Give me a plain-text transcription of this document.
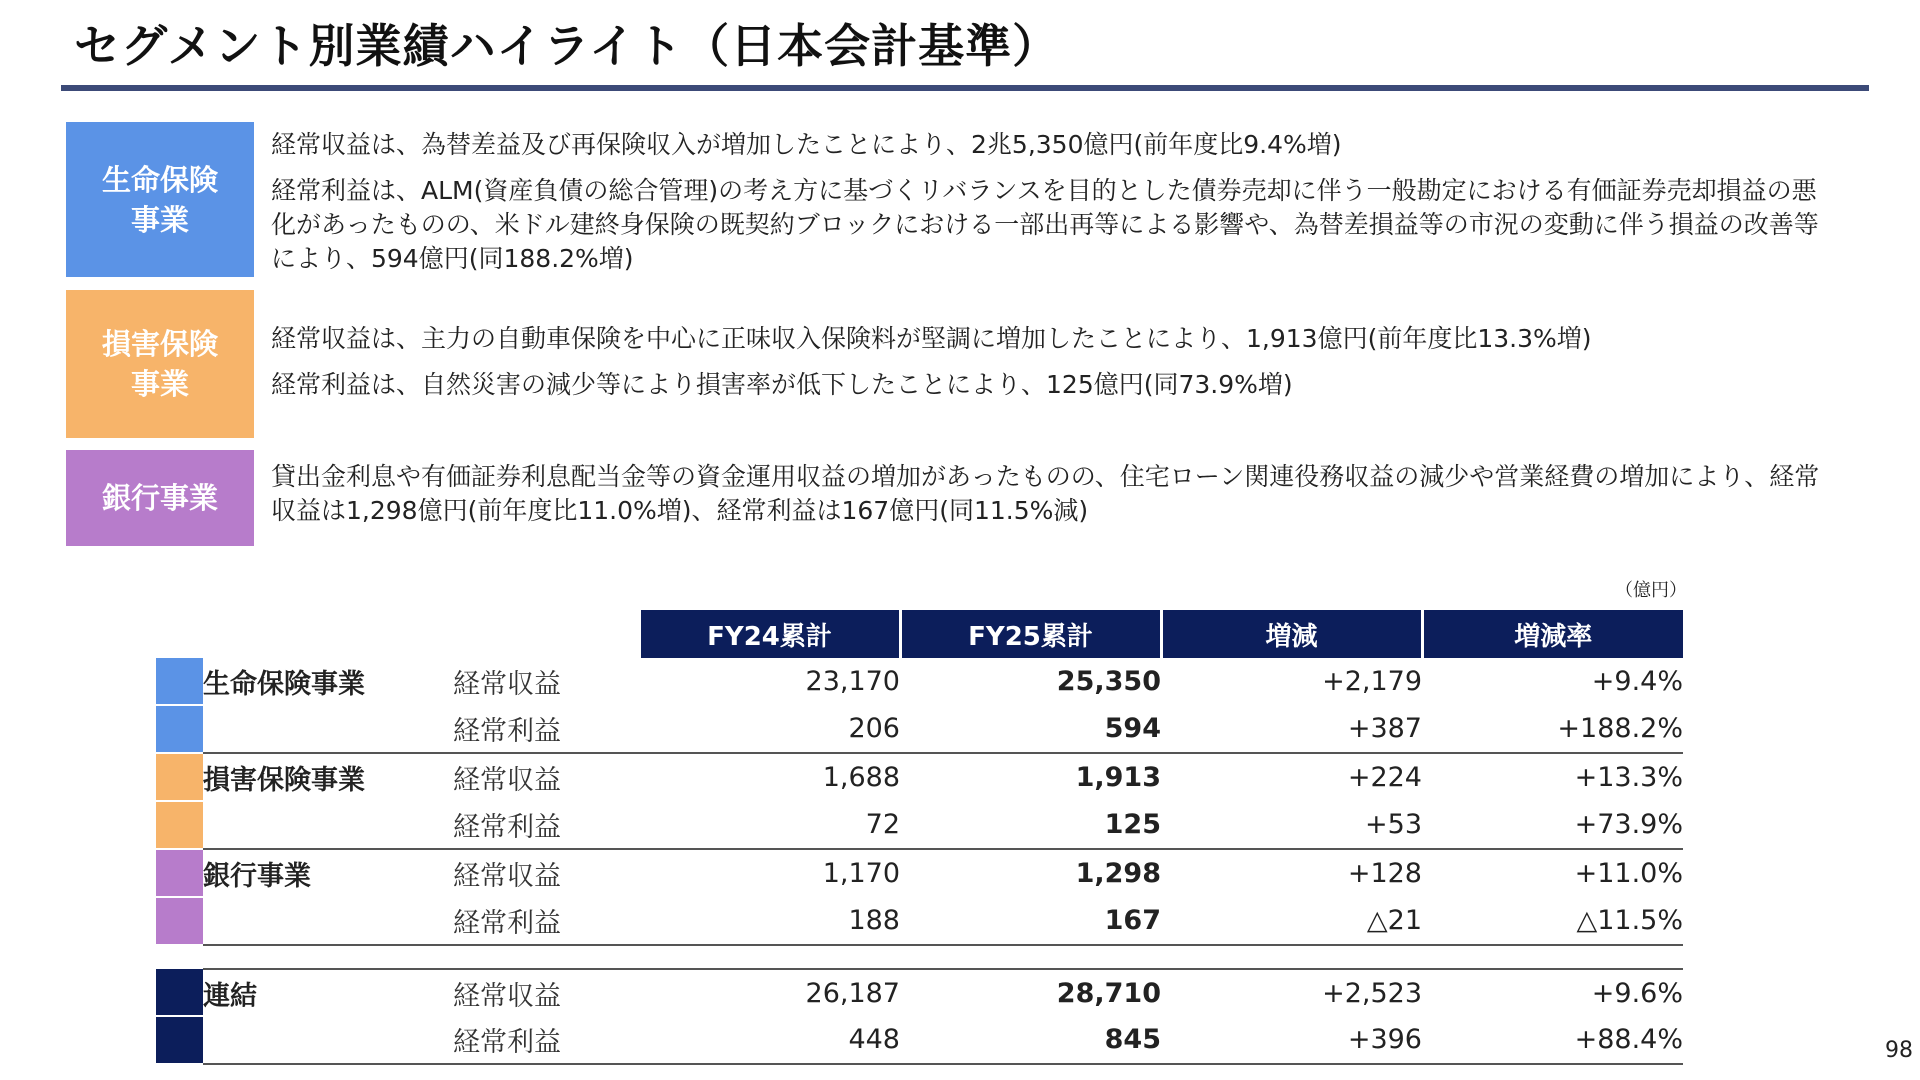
セグメント別業績ハイライト（日本会計基準）
生命保険
事業

経常収益は、為替差益及び再保険収入が増加したことにより、2兆5,350億円(前年度比9.4%増)

経常利益は、ALM(資産負債の総合管理)の考え方に基づくリバランスを目的とした債券売却に伴う一般勘定における有価証券売却損益の悪化があったものの、米ドル建終身保険の既契約ブロックにおける一部出再等による影響や、為替差損益等の市況の変動に伴う損益の改善等により、594億円(同188.2%増)

損害保険
事業

経常収益は、主力の自動車保険を中心に正味収入保険料が堅調に増加したことにより、1,913億円(前年度比13.3%増)

経常利益は、自然災害の減少等により損害率が低下したことにより、125億円(同73.9%増)

銀行事業

貸出金利息や有価証券利息配当金等の資金運用収益の増加があったものの、住宅ローン関連役務収益の減少や営業経費の増加により、経常収益は1,298億円(前年度比11.0%増)、経常利益は167億円(同11.5%減)

（億円）
			FY24累計	FY25累計	増減	増減率
	生命保険事業	経常収益	23,170	25,350	+2,179	+9.4%
		経常利益	206	594	+387	+188.2%
	損害保険事業	経常収益	1,688	1,913	+224	+13.3%
		経常利益	72	125	+53	+73.9%
	銀行事業	経常収益	1,170	1,298	+128	+11.0%
		経常利益	188	167	△21	△11.5%

	連結	経常収益	26,187	28,710	+2,523	+9.6%
		経常利益	448	845	+396	+88.4%	98
